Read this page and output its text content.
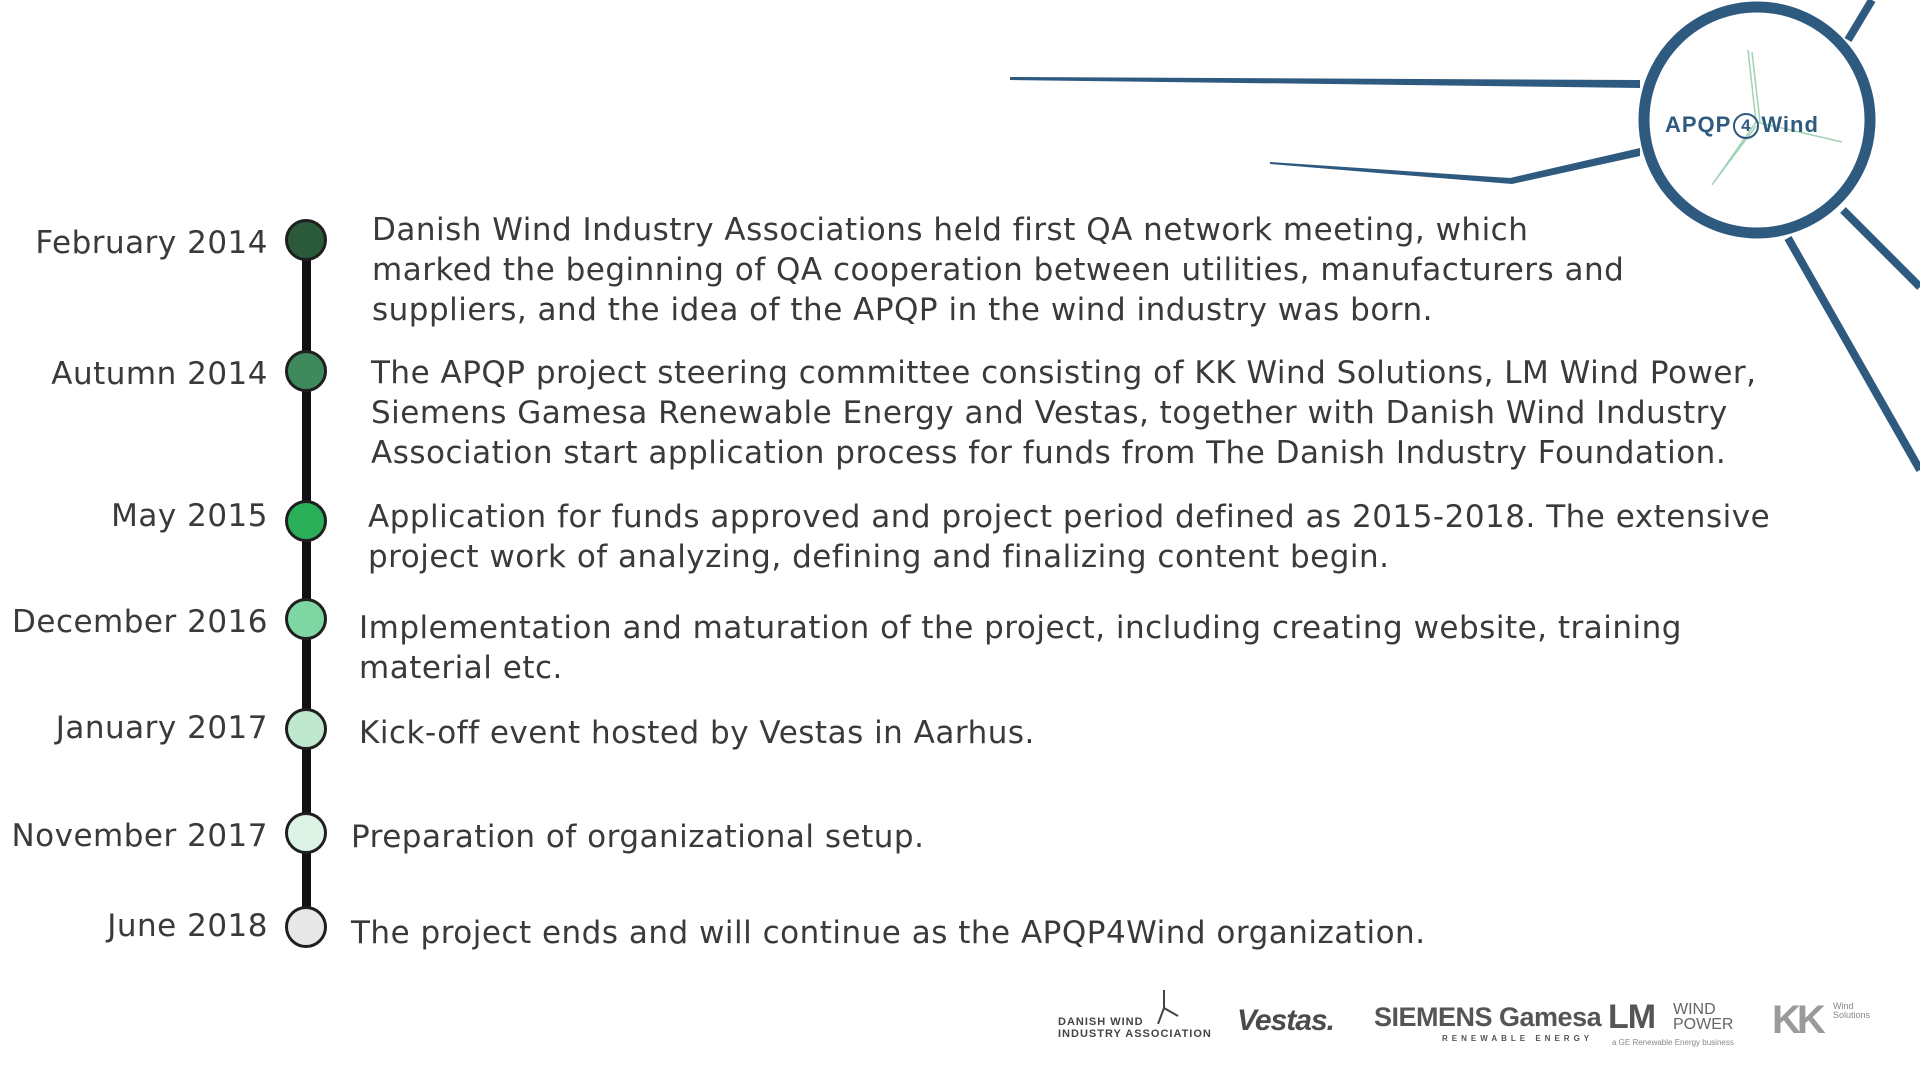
APQP 4 Wind
February 2014	Danish Wind Industry Associations held first QA network meeting, which
marked the beginning of QA cooperation between utilities, manufacturers and
suppliers, and the idea of the APQP in the wind industry was born.
Autumn 2014	The APQP project steering committee consisting of KK Wind Solutions, LM Wind Power,
Siemens Gamesa Renewable Energy and Vestas, together with Danish Wind Industry
Association start application process for funds from The Danish Industry Foundation.
May 2015	Application for funds approved and project period defined as 2015-2018. The extensive
project work of analyzing, defining and finalizing content begin.
December 2016	Implementation and maturation of the project, including creating website, training
material etc.
January 2017	Kick-off event hosted by Vestas in Aarhus.
November 2017	Preparation of organizational setup.
June 2018	The project ends and will continue as the APQP4Wind organization.
DANISH WIND
INDUSTRY ASSOCIATION Vestas. SIEMENS Gamesa
RENEWABLE ENERGY
LM WIND
POWER
a GE Renewable Energy business
KK Wind
Solutions
